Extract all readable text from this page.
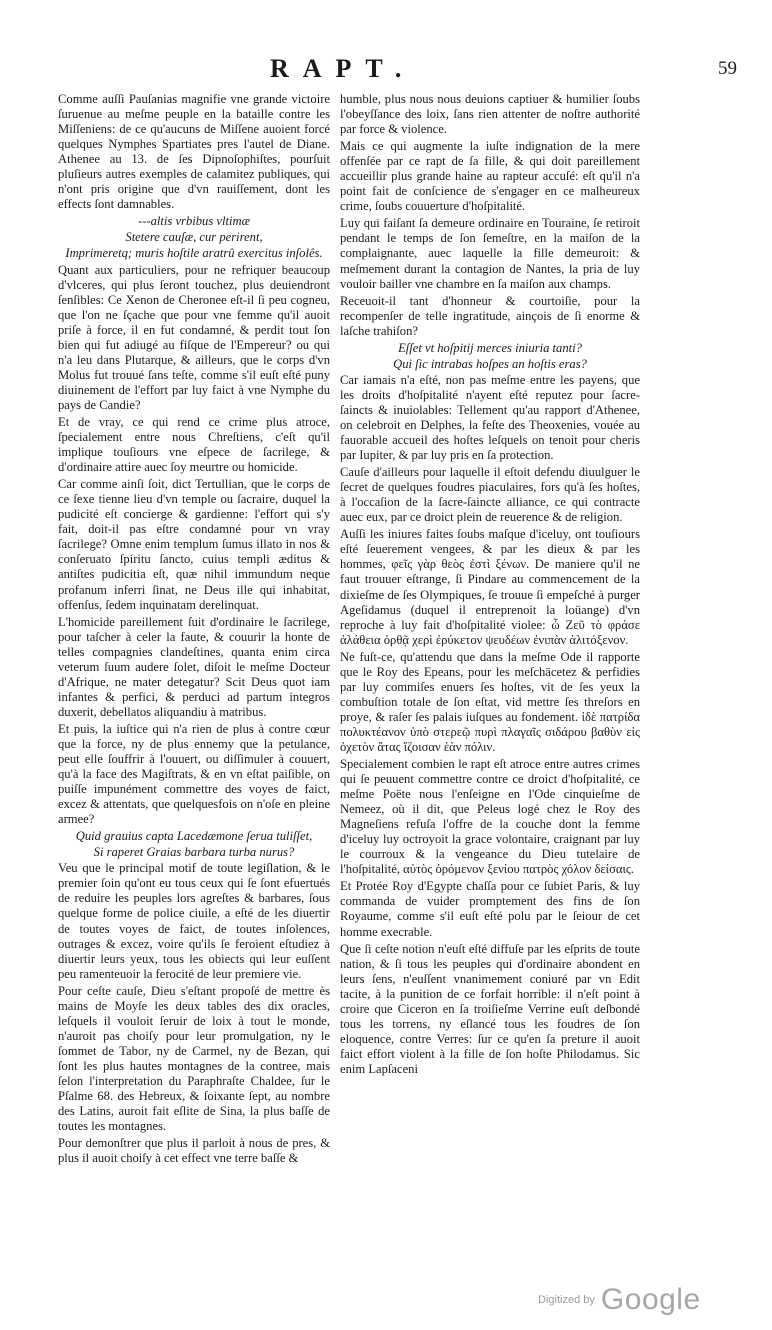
RAPT.	59

Comme auſſi Pauſanias magnifie vne grande victoire ſuruenue au meſme peuple en la bataille contre les Miſſeniens: de ce qu'aucuns de Miſſene auoient forcé quelques Nymphes Spartiates pres l'autel de Diane. Athenee au 13. de ſes Dipnoſophiſtes, pourſuit pluſieurs autres exemples de calamitez publiques, qui n'ont pris origine que d'vn rauiſſement, dont les effects ſont damnables.

---altis vrbibus vltimæ
Stetere cauſæ, cur perirent,
Imprimeretq; muris hoſtile aratrû exercitus inſolês.

Quant aux particuliers, pour ne refriquer beaucoup d'vlceres, qui plus ſeront touchez, plus deuiendront ſenſibles: Ce Xenon de Cheronee eſt-il ſi peu cogneu, que l'on ne ſçache que pour vne femme qu'il auoit priſe à force, il en fut condamné, & perdit tout ſon bien qui fut adiugé au fiſque de l'Empereur? ou qui n'a leu dans Plutarque, & ailleurs, que le corps d'vn Molus fut trouué ſans teſte, comme s'il euſt eſté puny diuinement de l'effort par luy faict à vne Nymphe du pays de Candie?

Et de vray, ce qui rend ce crime plus atroce, ſpecialement entre nous Chreſtiens, c'eſt qu'il implique touſiours vne eſpece de ſacrilege, & d'ordinaire attire auec ſoy meurtre ou homicide.

Car comme ainſi ſoit, dict Tertullian, que le corps de ce ſexe tienne lieu d'vn temple ou ſacraire, duquel la pudicité eſt concierge & gardienne: l'effort qui s'y fait, doit-il pas eſtre condamné pour vn vray ſacrilege? Omne enim templum ſumus illato in nos & conſeruato ſpiritu ſancto, cuius templi æditus & antiſtes pudicitia eſt, quæ nihil immundum neque profanum inferri ſinat, ne Deus ille qui inhabitat, offenſus, ſedem inquinatam derelinquat.

L'homicide pareillement ſuit d'ordinaire le ſacrilege, pour taſcher à celer la faute, & couurir la honte de telles compagnies clandeſtines, quanta enim circa veterum ſuum audere ſolet, diſoit le meſme Docteur d'Afrique, ne mater detegatur? Scit Deus quot iam infantes & perfici, & perduci ad partum integros duxerit, debellatos aliquandiu à matribus.

Et puis, la iuſtice qui n'a rien de plus à contre cœur que la force, ny de plus ennemy que la petulance, peut elle ſouffrir à l'ouuert, ou diſſimuler à couuert, qu'à la face des Magiſtrats, & en vn eſtat paiſible, on puiſſe impunément commettre des voyes de faict, excez & attentats, que quelquesfois on n'oſe en pleine armee?

Quid grauius capta Lacedæmone ſerua tuliſſet,
Si raperet Graias barbara turba nurus?

Veu que le principal motif de toute legiſlation, & le premier ſoin qu'ont eu tous ceux qui ſe ſont efuertués de reduire les peuples lors agreſtes & barbares, ſous quelque forme de police ciuile, a eſté de les diuertir de toutes voyes de faict, de toutes inſolences, outrages & excez, voire qu'ils ſe feroient eſtudiez à diuertir leurs yeux, tous les obiects qui leur euſſent peu ramenteuoir la ferocité de leur premiere vie.

Pour ceſte cauſe, Dieu s'eſtant propoſé de mettre ès mains de Moyſe les deux tables des dix oracles, leſquels il vouloit ſeruir de loix à tout le monde, n'auroit pas choiſy pour leur promulgation, ny le ſommet de Tabor, ny de Carmel, ny de Bezan, qui ſont les plus hautes montagnes de la contree, mais ſelon l'interpretation du Paraphraſte Chaldee, ſur le Pſalme 68. des Hebreux, & ſoixante ſept, au nombre des Latins, auroit fait eſlite de Sina, la plus baſſe de toutes les montagnes.

Pour demonſtrer que plus il parloit à nous de pres, & plus il auoit choiſy à cet effect vne terre baſſe &

humble, plus nous nous deuions captiuer & humilier ſoubs l'obeyſſance des loix, ſans rien attenter de noſtre authorité par force & violence.

Mais ce qui augmente la iuſte indignation de la mere offenſée par ce rapt de ſa fille, & qui doit pareillement accueillir plus grande haine au rapteur accuſé: eſt qu'il n'a point fait de conſcience de s'engager en ce malheureux crime, ſoubs couuerture d'hoſpitalité.

Luy qui faiſant ſa demeure ordinaire en Touraine, ſe retiroit pendant le temps de ſon ſemeſtre, en la maiſon de la complaignante, auec laquelle la fille demeuroit: & meſmement durant la contagion de Nantes, la pria de luy vouloir bailler vne chambre en ſa maiſon aux champs.

Receuoit-il tant d'honneur & courtoiſie, pour la recompenſer de telle ingratitude, ainçois de ſi enorme & laſche trahiſon?

Eſſet vt hoſpitij merces iniuria tanti?
Qui ſic intrabas hoſpes an hoſtis eras?

Car iamais n'a eſté, non pas meſme entre les payens, que les droits d'hoſpitalité n'ayent eſté reputez pour ſacre-ſaincts & inuiolables: Tellement qu'au rapport d'Athenee, on celebroit en Delphes, la feſte des Theoxenies, vouée au fauorable accueil des hoſtes leſquels on tenoit pour cheris par Iupiter, & par luy pris en ſa protection.

Cauſe d'ailleurs pour laquelle il eſtoit defendu diuulguer le ſecret de quelques foudres piaculaires, fors qu'à ſes hoſtes, à l'occaſion de la ſacre-ſaincte alliance, ce qui contracte auec eux, par ce droict plein de reuerence & de religion.

Auſſi les iniures faites ſoubs maſque d'iceluy, ont touſiours eſté ſeuerement vengees, & par les dieux & par les hommes, φεῖς γὰρ θεὸς ἐστὶ ξένων. De maniere qu'il ne faut trouuer eſtrange, ſi Pindare au commencement de la dixieſme de ſes Olympiques, ſe trouue ſi empeſché à purger Ageſidamus (duquel il entreprenoit la loüange) d'vn reproche à luy fait d'hoſpitalité violee: ὦ Ζεῦ τὸ φράσε ἀλάθεια ὀρθᾷ χερὶ ἐρύκετον ψευδέων ἐνιπὰν ἀλιτόξενον.

Ne fuſt-ce, qu'attendu que dans la meſme Ode il rapporte que le Roy des Epeans, pour les meſchācetez & perfidies par luy commiſes enuers ſes hoſtes, vit de ſes yeux la combuſtion totale de ſon eſtat, vid mettre ſes threſors en proye, & raſer ſes palais iuſques au fondement. ἰδὲ πατρίδα πολυκτέανον ὑπὸ στερεῷ πυρὶ πλαγαῖς σιδάρου βαθὺν εἰς ὀχετὸν ἄτας ἵζοισαν ἑὰν πόλιν.

Specialement combien le rapt eſt atroce entre autres crimes qui ſe peuuent commettre contre ce droict d'hoſpitalité, ce meſme Poëte nous l'enſeigne en l'Ode cinquieſme de Nemeez, où il dit, que Peleus logé chez le Roy des Magneſiens refuſa l'offre de la couche dont la femme d'iceluy luy octroyoit la grace volontaire, craignant par luy le courroux & la vengeance du Dieu tutelaire de l'hoſpitalité, αὐτὸς ὀρόμενον ξενίου πατρὸς χόλον δείσαις.

Et Protée Roy d'Egypte chaſſa pour ce ſubiet Paris, & luy commanda de vuider promptement des fins de ſon Royaume, comme s'il euſt eſté polu par le ſeiour de cet homme execrable.

Que ſi ceſte notion n'euſt eſté diffuſe par les eſprits de toute nation, & ſi tous les peuples qui d'ordinaire abondent en leurs ſens, n'euſſent vnanimement coniuré par vn Edit tacite, à la punition de ce forfait horrible: il n'eſt point à croire que Ciceron en ſa troiſieſme Verrine euſt deſbondé tous les torrens, ny eſlancé tous les foudres de ſon eloquence, contre Verres: ſur ce qu'en ſa preture il auoit faict effort violent à la fille de ſon hoſte Philodamus. Sic enim Lapſaceni

Digitized by Google
